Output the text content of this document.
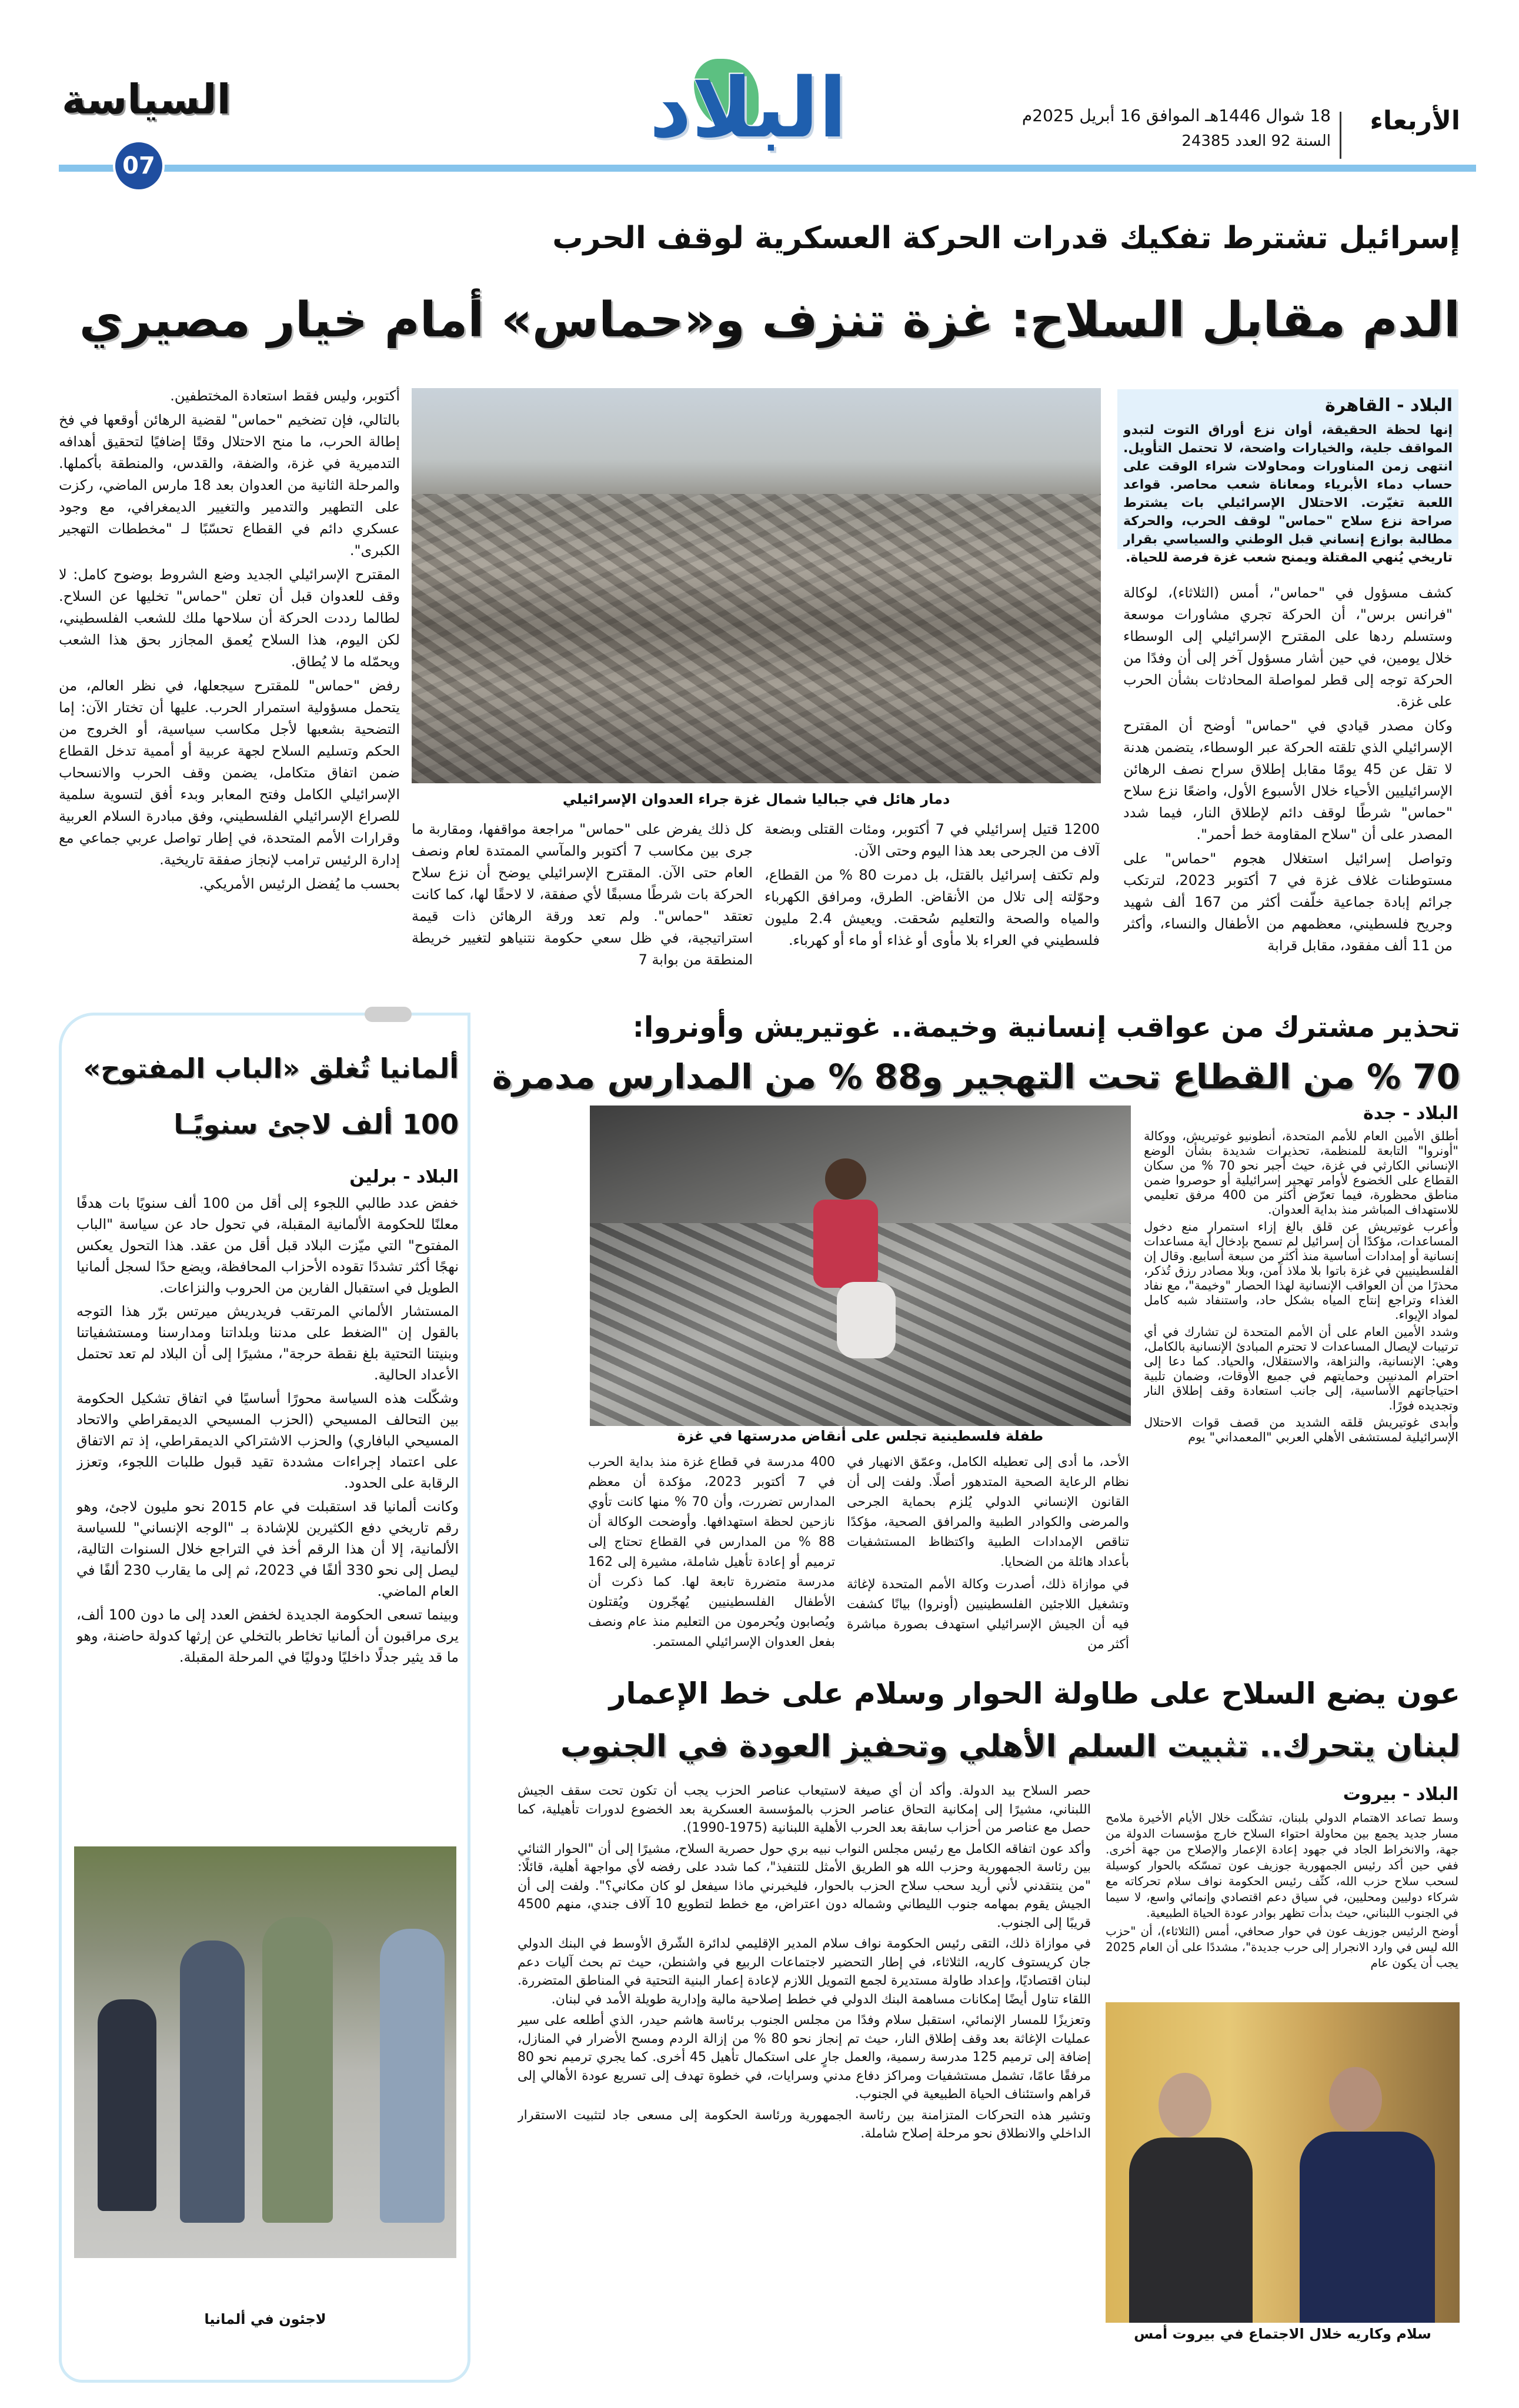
الأربعاء
18 شوال 1446هـ الموافق 16 أبريل 2025م
السنة 92 العدد 24385
البلاد
السياسة
07
إسرائيل تشترط تفكيك قدرات الحركة العسكرية لوقف الحرب
الدم مقابل السلاح: غزة تنزف و«حماس» أمام خيار مصيري
البلاد - القاهرة

إنها لحظة الحقيقة، أوان نزع أوراق التوت لتبدو المواقف جلية، والخيارات واضحة، لا تحتمل التأويل. انتهى زمن المناورات ومحاولات شراء الوقت على حساب دماء الأبرياء ومعاناة شعب محاصر. قواعد اللعبة تغيّرت. الاحتلال الإسرائيلي بات يشترط صراحة نزع سلاح "حماس" لوقف الحرب، والحركة مطالبة بوازع إنساني قبل الوطني والسياسي بقرار تاريخي يُنهي المقتلة ويمنح شعب غزة فرصة للحياة.

كشف مسؤول في "حماس"، أمس (الثلاثاء)، لوكالة "فرانس برس"، أن الحركة تجري مشاورات موسعة وستسلم ردها على المقترح الإسرائيلي إلى الوسطاء خلال يومين، في حين أشار مسؤول آخر إلى أن وفدًا من الحركة توجه إلى قطر لمواصلة المحادثات بشأن الحرب على غزة.

وكان مصدر قيادي في "حماس" أوضح أن المقترح الإسرائيلي الذي تلقته الحركة عبر الوسطاء، يتضمن هدنة لا تقل عن 45 يومًا مقابل إطلاق سراح نصف الرهائن الإسرائيليين الأحياء خلال الأسبوع الأول، واضعًا نزع سلاح "حماس" شرطًا لوقف دائم لإطلاق النار، فيما شدد المصدر على أن "سلاح المقاومة خط أحمر".

وتواصل إسرائيل استغلال هجوم "حماس" على مستوطنات غلاف غزة في 7 أكتوبر 2023، لترتكب جرائم إبادة جماعية خلّفت أكثر من 167 ألف شهيد وجريح فلسطيني، معظمهم من الأطفال والنساء، وأكثر من 11 ألف مفقود، مقابل قرابة

دمار هائل في جباليا شمال غزة جراء العدوان الإسرائيلي

1200 قتيل إسرائيلي في 7 أكتوبر، ومئات القتلى وبضعة آلاف من الجرحى بعد هذا اليوم وحتى الآن.

ولم تكتف إسرائيل بالقتل، بل دمرت 80 % من القطاع، وحوّلته إلى تلال من الأنقاض. الطرق، ومرافق الكهرباء والمياه والصحة والتعليم سُحقت. ويعيش 2.4 مليون فلسطيني في العراء بلا مأوى أو غذاء أو ماء أو كهرباء.

كل ذلك يفرض على "حماس" مراجعة مواقفها، ومقاربة ما جرى بين مكاسب 7 أكتوبر والمآسي الممتدة لعام ونصف العام حتى الآن. المقترح الإسرائيلي يوضح أن نزع سلاح الحركة بات شرطًا مسبقًا لأي صفقة، لا لاحقًا لها، كما كانت تعتقد "حماس". ولم تعد ورقة الرهائن ذات قيمة استراتيجية، في ظل سعي حكومة نتنياهو لتغيير خريطة المنطقة من بوابة 7

أكتوبر، وليس فقط استعادة المختطفين.

بالتالي، فإن تضخيم "حماس" لقضية الرهائن أوقعها في فخ إطالة الحرب، ما منح الاحتلال وقتًا إضافيًا لتحقيق أهدافه التدميرية في غزة، والضفة، والقدس، والمنطقة بأكملها. والمرحلة الثانية من العدوان بعد 18 مارس الماضي، ركزت على التطهير والتدمير والتغيير الديمغرافي، مع وجود عسكري دائم في القطاع تحسّبًا لـ "مخططات التهجير الكبرى".

المقترح الإسرائيلي الجديد وضع الشروط بوضوح كامل: لا وقف للعدوان قبل أن تعلن "حماس" تخليها عن السلاح. لطالما رددت الحركة أن سلاحها ملك للشعب الفلسطيني، لكن اليوم، هذا السلاح يُعمق المجازر بحق هذا الشعب ويحمّله ما لا يُطاق.

رفض "حماس" للمقترح سيجعلها، في نظر العالم، من يتحمل مسؤولية استمرار الحرب. عليها أن تختار الآن: إما التضحية بشعبها لأجل مكاسب سياسية، أو الخروج من الحكم وتسليم السلاح لجهة عربية أو أممية تدخل القطاع ضمن اتفاق متكامل، يضمن وقف الحرب والانسحاب الإسرائيلي الكامل وفتح المعابر وبدء أفق لتسوية سلمية للصراع الإسرائيلي الفلسطيني، وفق مبادرة السلام العربية وقرارات الأمم المتحدة، في إطار تواصل عربي جماعي مع إدارة الرئيس ترامب لإنجاز صفقة تاريخية.

بحسب ما يُفضل الرئيس الأمريكي.

ألمانيا تُغلق «الباب المفتوح»
100 ألف لاجئ سنويًـا
البلاد - برلين

خفض عدد طالبي اللجوء إلى أقل من 100 ألف سنويًا بات هدفًا معلنًا للحكومة الألمانية المقبلة، في تحول حاد عن سياسة "الباب المفتوح" التي ميّزت البلاد قبل أقل من عقد. هذا التحول يعكس نهجًا أكثر تشددًا تقوده الأحزاب المحافظة، ويضع حدًا لسجل ألمانيا الطويل في استقبال الفارين من الحروب والنزاعات.

المستشار الألماني المرتقب فريدريش ميرتس برّر هذا التوجه بالقول إن "الضغط على مدننا وبلداتنا ومدارسنا ومستشفياتنا وبنيتنا التحتية بلغ نقطة حرجة"، مشيرًا إلى أن البلاد لم تعد تحتمل الأعداد الحالية.

وشكّلت هذه السياسة محورًا أساسيًا في اتفاق تشكيل الحكومة بين التحالف المسيحي (الحزب المسيحي الديمقراطي والاتحاد المسيحي البافاري) والحزب الاشتراكي الديمقراطي، إذ تم الاتفاق على اعتماد إجراءات مشددة تقيد قبول طلبات اللجوء، وتعزز الرقابة على الحدود.

وكانت ألمانيا قد استقبلت في عام 2015 نحو مليون لاجئ، وهو رقم تاريخي دفع الكثيرين للإشادة بـ "الوجه الإنساني" للسياسة الألمانية، إلا أن هذا الرقم أخذ في التراجع خلال السنوات التالية، ليصل إلى نحو 330 ألفًا في 2023، ثم إلى ما يقارب 230 ألفًا في العام الماضي.

وبينما تسعى الحكومة الجديدة لخفض العدد إلى ما دون 100 ألف، يرى مراقبون أن ألمانيا تخاطر بالتخلي عن إرثها كدولة حاضنة، وهو ما قد يثير جدلًا داخليًا ودوليًا في المرحلة المقبلة.

لاجئون في ألمانيا
تحذير مشترك من عواقب إنسانية وخيمة.. غوتيريش وأونروا:
70 % من القطاع تحت التهجير و88 % من المدارس مدمرة
البلاد - جدة

أطلق الأمين العام للأمم المتحدة، أنطونيو غوتيريش، ووكالة "أونروا" التابعة للمنظمة، تحذيرات شديدة بشأن الوضع الإنساني الكارثي في غزة، حيث أُجبر نحو 70 % من سكان القطاع على الخضوع لأوامر تهجير إسرائيلية أو حوصروا ضمن مناطق محظورة، فيما تعرّض أكثر من 400 مرفق تعليمي للاستهداف المباشر منذ بداية العدوان.

وأعرب غوتيريش عن قلق بالغ إزاء استمرار منع دخول المساعدات، مؤكدًا أن إسرائيل لم تسمح بإدخال أية مساعدات إنسانية أو إمدادات أساسية منذ أكثر من سبعة أسابيع. وقال إن الفلسطينيين في غزة باتوا بلا ملاذ آمن، وبلا مصادر رزق تُذكر، محذرًا من أن العواقب الإنسانية لهذا الحصار "وخيمة"، مع نفاد الغذاء وتراجع إنتاج المياه بشكل حاد، واستنفاد شبه كامل لمواد الإيواء.

وشدد الأمين العام على أن الأمم المتحدة لن تشارك في أي ترتيبات لإيصال المساعدات لا تحترم المبادئ الإنسانية بالكامل، وهي: الإنسانية، والنزاهة، والاستقلال، والحياد. كما دعا إلى احترام المدنيين وحمايتهم في جميع الأوقات، وضمان تلبية احتياجاتهم الأساسية، إلى جانب استعادة وقف إطلاق النار وتجديده فورًا.

وأبدى غوتيريش قلقه الشديد من قصف قوات الاحتلال الإسرائيلية لمستشفى الأهلي العربي "المعمداني" يوم

طفلة فلسطينية تجلس على أنقاض مدرستها في غزة

الأحد، ما أدى إلى تعطيله الكامل، وعمّق الانهيار في نظام الرعاية الصحية المتدهور أصلًا. ولفت إلى أن القانون الإنساني الدولي يُلزم بحماية الجرحى والمرضى والكوادر الطبية والمرافق الصحية، مؤكدًا تناقص الإمدادات الطبية واكتظاظ المستشفيات بأعداد هائلة من الضحايا.

في موازاة ذلك، أصدرت وكالة الأمم المتحدة لإغاثة وتشغيل اللاجئين الفلسطينيين (أونروا) بيانًا كشفت فيه أن الجيش الإسرائيلي استهدف بصورة مباشرة أكثر من

400 مدرسة في قطاع غزة منذ بداية الحرب في 7 أكتوبر 2023، مؤكدة أن معظم المدارس تضررت، وأن 70 % منها كانت تأوي نازحين لحظة استهدافها. وأوضحت الوكالة أن 88 % من المدارس في القطاع تحتاج إلى ترميم أو إعادة تأهيل شاملة، مشيرة إلى 162 مدرسة متضررة تابعة لها. كما ذكرت أن الأطفال الفلسطينيين يُهجّرون ويُقتلون ويُصابون ويُحرمون من التعليم منذ عام ونصف بفعل العدوان الإسرائيلي المستمر.

عون يضع السلاح على طاولة الحوار وسلام على خط الإعمار
لبنان يتحرك.. تثبيت السلم الأهلي وتحفيز العودة في الجنوب
البلاد - بيروت

وسط تصاعد الاهتمام الدولي بلبنان، تشكّلت خلال الأيام الأخيرة ملامح مسار جديد يجمع بين محاولة احتواء السلاح خارج مؤسسات الدولة من جهة، والانخراط الجاد في جهود إعادة الإعمار والإصلاح من جهة أخرى. ففي حين أكد رئيس الجمهورية جوزيف عون تمسّكه بالحوار كوسيلة لسحب سلاح حزب الله، كثّف رئيس الحكومة نواف سلام تحركاته مع شركاء دوليين ومحليين، في سياق دعم اقتصادي وإنمائي واسع، لا سيما في الجنوب اللبناني، حيث بدأت تظهر بوادر عودة الحياة الطبيعية.

أوضح الرئيس جوزيف عون في حوار صحافي، أمس (الثلاثاء)، أن "حزب الله ليس في وارد الانجرار إلى حرب جديدة"، مشددًا على أن العام 2025 يجب أن يكون عام

سلام وكاريه خلال الاجتماع في بيروت أمس

حصر السلاح بيد الدولة. وأكد أن أي صيغة لاستيعاب عناصر الحزب يجب أن تكون تحت سقف الجيش اللبناني، مشيرًا إلى إمكانية التحاق عناصر الحزب بالمؤسسة العسكرية بعد الخضوع لدورات تأهيلية، كما حصل مع عناصر من أحزاب سابقة بعد الحرب الأهلية اللبنانية (1975-1990).

وأكد عون اتفاقه الكامل مع رئيس مجلس النواب نبيه بري حول حصرية السلاح، مشيرًا إلى أن "الحوار الثنائي بين رئاسة الجمهورية وحزب الله هو الطريق الأمثل للتنفيذ"، كما شدد على رفضه لأي مواجهة أهلية، قائلًا: "من ينتقدني لأني أريد سحب سلاح الحزب بالحوار، فليخبرني ماذا سيفعل لو كان مكاني؟". ولفت إلى أن الجيش يقوم بمهامه جنوب الليطاني وشماله دون اعتراض، مع خطط لتطويع 10 آلاف جندي، منهم 4500 قريبًا إلى الجنوب.

في موازاة ذلك، التقى رئيس الحكومة نواف سلام المدير الإقليمي لدائرة الشّرق الأوسط في البنك الدولي جان كريستوف كاريه، الثلاثاء، في إطار التحضير لاجتماعات الربيع في واشنطن، حيث تم بحث آليات دعم لبنان اقتصاديًا، وإعداد طاولة مستديرة لجمع التمويل اللازم لإعادة إعمار البنية التحتية في المناطق المتضررة. اللقاء تناول أيضًا إمكانات مساهمة البنك الدولي في خطط إصلاحية مالية وإدارية طويلة الأمد في لبنان.

وتعزيزًا للمسار الإنمائي، استقبل سلام وفدًا من مجلس الجنوب برئاسة هاشم حيدر، الذي أطلعه على سير عمليات الإغاثة بعد وقف إطلاق النار، حيث تم إنجاز نحو 80 % من إزالة الردم ومسح الأضرار في المنازل، إضافة إلى ترميم 125 مدرسة رسمية، والعمل جارٍ على استكمال تأهيل 45 أخرى. كما يجري ترميم نحو 80 مرفقًا عامًا، تشمل مستشفيات ومراكز دفاع مدني وسرايات، في خطوة تهدف إلى تسريع عودة الأهالي إلى قراهم واستئناف الحياة الطبيعية في الجنوب.

وتشير هذه التحركات المتزامنة بين رئاسة الجمهورية ورئاسة الحكومة إلى مسعى جاد لتثبيت الاستقرار الداخلي والانطلاق نحو مرحلة إصلاح شاملة.
